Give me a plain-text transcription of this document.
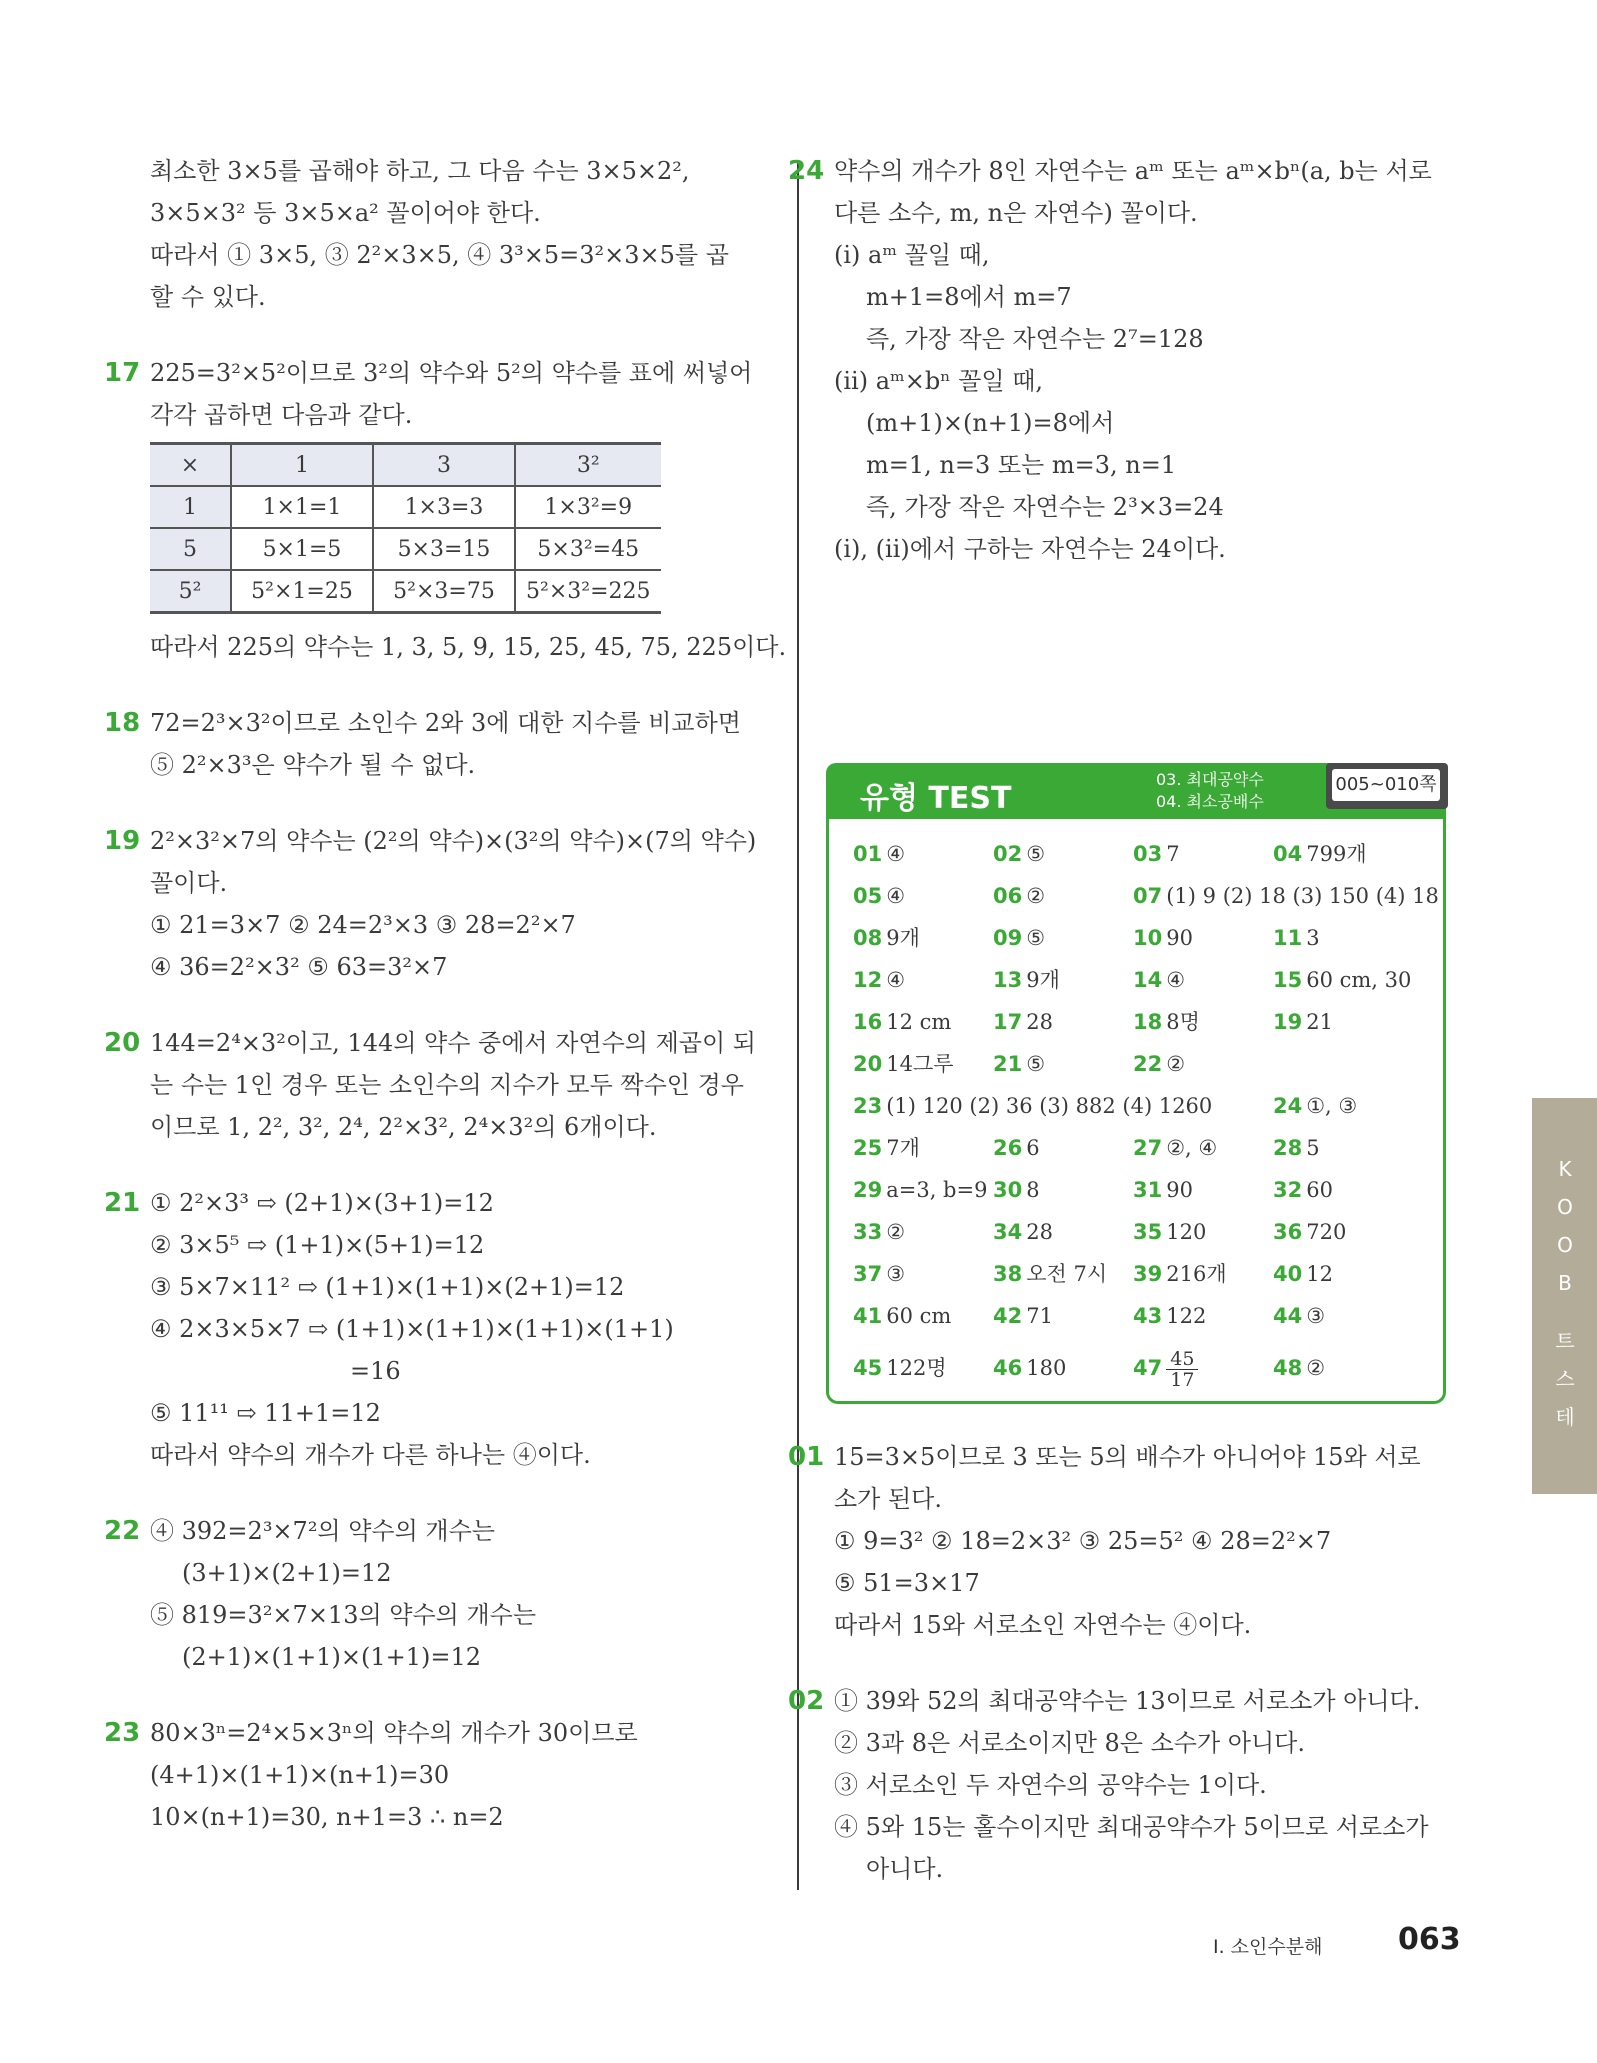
최소한 3×5를 곱해야 하고, 그 다음 수는 3×5×2²,
3×5×3² 등 3×5×a² 꼴이어야 한다.
따라서 ① 3×5, ③ 2²×3×5, ④ 3³×5=3²×3×5를 곱
할 수 있다.
17 225=3²×5²이므로 3²의 약수와 5²의 약수를 표에 써넣어
각각 곱하면 다음과 같다.
×	1	3	3²
1	1×1=1	1×3=3	1×3²=9
5	5×1=5	5×3=15	5×3²=45
5²	5²×1=25	5²×3=75	5²×3²=225
따라서 225의 약수는 1, 3, 5, 9, 15, 25, 45, 75, 225이다.
18 72=2³×3²이므로 소인수 2와 3에 대한 지수를 비교하면
⑤ 2²×3³은 약수가 될 수 없다.
19 2²×3²×7의 약수는 (2²의 약수)×(3²의 약수)×(7의 약수)
꼴이다.
① 21=3×7 ② 24=2³×3 ③ 28=2²×7
④ 36=2²×3² ⑤ 63=3²×7
20 144=2⁴×3²이고, 144의 약수 중에서 자연수의 제곱이 되
는 수는 1인 경우 또는 소인수의 지수가 모두 짝수인 경우
이므로 1, 2², 3², 2⁴, 2²×3², 2⁴×3²의 6개이다.
21 ① 2²×3³ ⇨ (2+1)×(3+1)=12
② 3×5⁵ ⇨ (1+1)×(5+1)=12
③ 5×7×11² ⇨ (1+1)×(1+1)×(2+1)=12
④ 2×3×5×7 ⇨ (1+1)×(1+1)×(1+1)×(1+1)
=16
⑤ 11¹¹ ⇨ 11+1=12
따라서 약수의 개수가 다른 하나는 ④이다.
22 ④ 392=2³×7²의 약수의 개수는
(3+1)×(2+1)=12
⑤ 819=3²×7×13의 약수의 개수는
(2+1)×(1+1)×(1+1)=12
23 80×3ⁿ=2⁴×5×3ⁿ의 약수의 개수가 30이므로
(4+1)×(1+1)×(n+1)=30
10×(n+1)=30, n+1=3 ∴ n=2
24 약수의 개수가 8인 자연수는 aᵐ 또는 aᵐ×bⁿ(a, b는 서로
다른 소수, m, n은 자연수) 꼴이다.
(ⅰ) aᵐ 꼴일 때,
m+1=8에서 m=7
즉, 가장 작은 자연수는 2⁷=128
(ⅱ) aᵐ×bⁿ 꼴일 때,
(m+1)×(n+1)=8에서
m=1, n=3 또는 m=3, n=1
즉, 가장 작은 자연수는 2³×3=24
(ⅰ), (ⅱ)에서 구하는 자연수는 24이다.
유형 TEST
03. 최대공약수
04. 최소공배수
005~010쪽
01 ④	02 ⑤	03 7	04 799개
05 ④	06 ②	07 (1) 9 (2) 18 (3) 150 (4) 18
08 9개	09 ⑤	10 90	11 3
12 ④	13 9개	14 ④	15 60 cm, 30
16 12 cm 17 28	18 8명	19 21
20 14그루 21 ⑤	22 ②
23 (1) 120 (2) 36 (3) 882 (4) 1260	24 ①, ③
25 7개	26 6	27 ②, ④	28 5
29 a=3, b=9 30 8	31 90	32 60
33 ②	34 28	35 120	36 720
37 ③	38 오전 7시 39 216개 40 12
41 60 cm 42 71	43 122	44 ③
45 122명 46 180	$47 \frac{45}{17}$	48 ②
01 15=3×5이므로 3 또는 5의 배수가 아니어야 15와 서로
소가 된다.
① 9=3² ② 18=2×3² ③ 25=5² ④ 28=2²×7
⑤ 51=3×17
따라서 15와 서로소인 자연수는 ④이다.
02 ① 39와 52의 최대공약수는 13이므로 서로소가 아니다.
② 3과 8은 서로소이지만 8은 소수가 아니다.
③ 서로소인 두 자연수의 공약수는 1이다.
④ 5와 15는 홀수이지만 최대공약수가 5이므로 서로소가
아니다.
K
O
O
B
트
스
테
Ⅰ. 소인수분해	063
